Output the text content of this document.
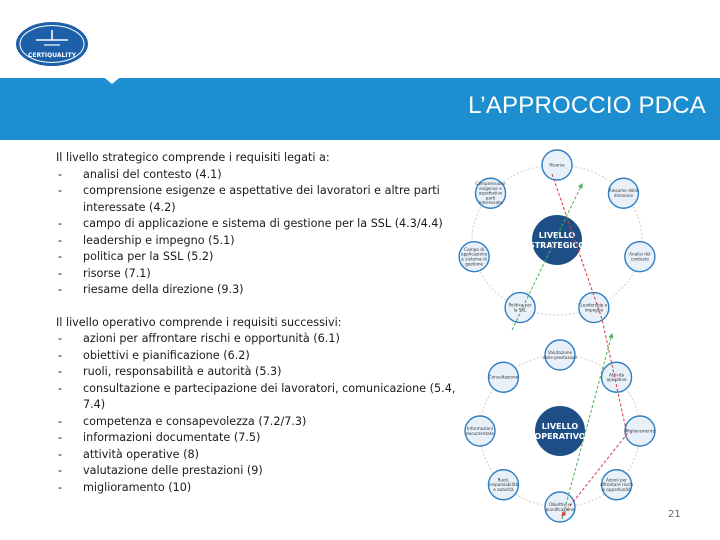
CERTIQUALITY
L’APPROCCIO PDCA

Il livello strategico comprende i requisiti legati a:

- analisi del contesto (4.1)
- comprensione esigenze e aspettative dei lavoratori e altre parti interessate (4.2)
- campo di applicazione e sistema di gestione per la SSL (4.3/4.4)
- leadership e impegno (5.1)
- politica per la SSL (5.2)
- risorse (7.1)
- riesame della direzione (9.3)

Il livello operativo comprende i requisiti successivi:

- azioni per affrontare rischi e opportunità (6.1)
- obiettivi e pianificazione (6.2)
- ruoli, responsabilità e autorità (5.3)
- consultazione e partecipazione dei lavoratori, comunicazione (5.4, 7.4)
- competenza e consapevolezza (7.2/7.3)
- informazioni documentate (7.5)
- attività operative (8)
- valutazione delle prestazioni (9)
- miglioramento (10)
Risorse
Riesame della direzione
Analisi del contesto
Leadership e impegno
Politica per la SSL
Campo di applicazione e sistema di gestione
Comprensione esigenze e aspettative parti interessate
LIVELLO STRATEGICO
Valutazione delle prestazioni
Attività operative
Miglioramento
Azioni per affrontare rischi e opportunità
Obiettivi e pianificazione
Ruoli, responsabilità e autorità
Informazioni documentate
Consultazione
LIVELLO OPERATIVO
21
